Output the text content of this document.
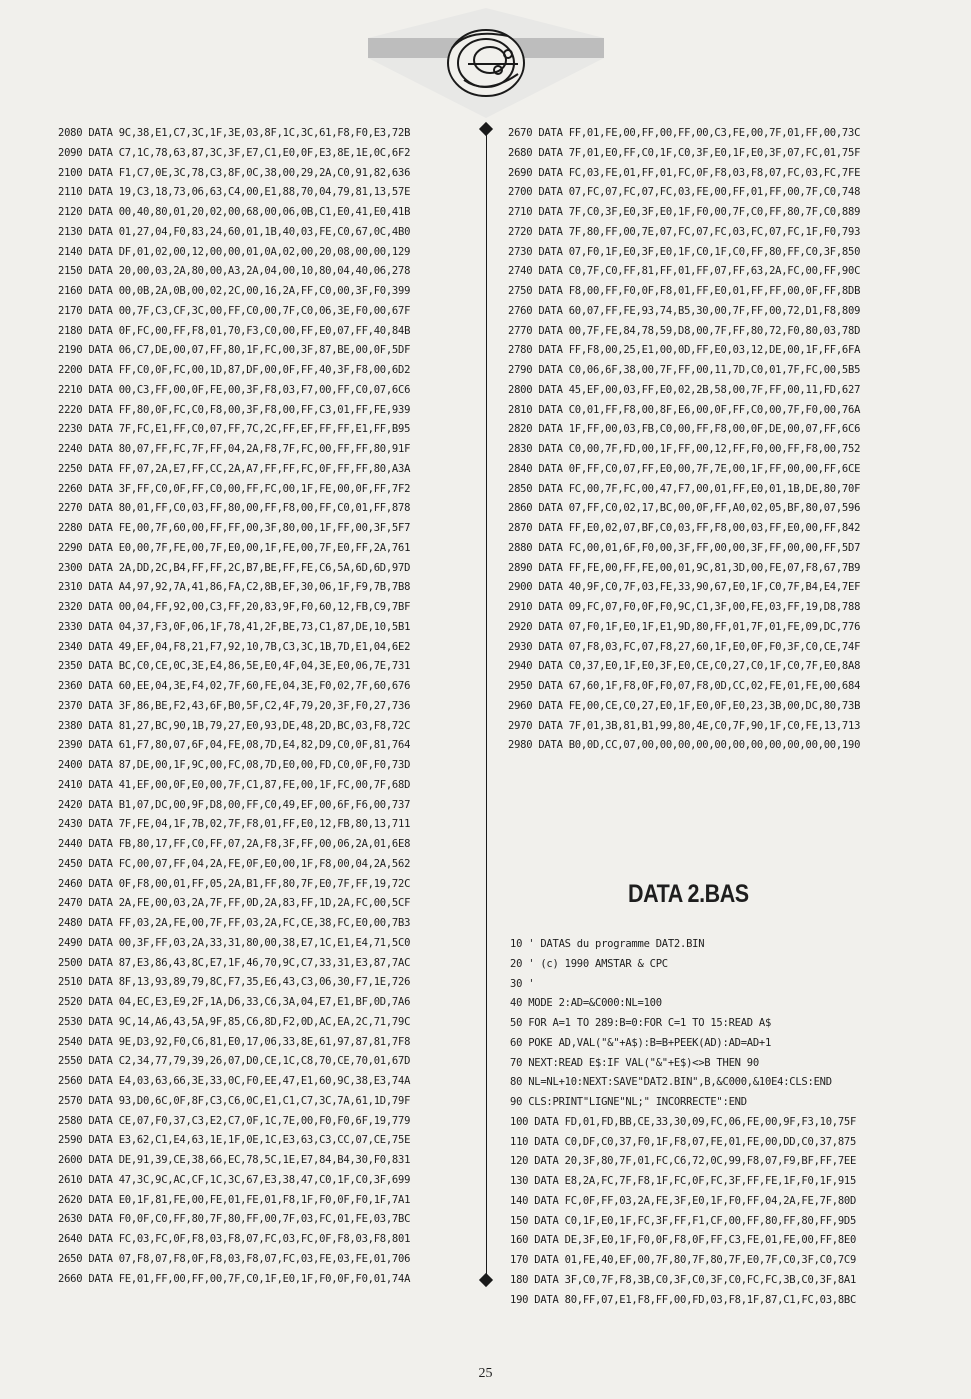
2080 DATA 9C,38,E1,C7,3C,1F,3E,03,8F,1C,3C,61,F8,F0,E3,72B
2090 DATA C7,1C,78,63,87,3C,3F,E7,C1,E0,0F,E3,8E,1E,0C,6F2
2100 DATA F1,C7,0E,3C,78,C3,8F,0C,38,00,29,2A,C0,91,82,636
2110 DATA 19,C3,18,73,06,63,C4,00,E1,88,70,04,79,81,13,57E
2120 DATA 00,40,80,01,20,02,00,68,00,06,0B,C1,E0,41,E0,41B
2130 DATA 01,27,04,F0,83,24,60,01,1B,40,03,FE,C0,67,0C,4B0
2140 DATA DF,01,02,00,12,00,00,01,0A,02,00,20,08,00,00,129
2150 DATA 20,00,03,2A,80,00,A3,2A,04,00,10,80,04,40,06,278
2160 DATA 00,0B,2A,0B,00,02,2C,00,16,2A,FF,C0,00,3F,F0,399
2170 DATA 00,7F,C3,CF,3C,00,FF,C0,00,7F,C0,06,3E,F0,00,67F
2180 DATA 0F,FC,00,FF,F8,01,70,F3,C0,00,FF,E0,07,FF,40,84B
2190 DATA 06,C7,DE,00,07,FF,80,1F,FC,00,3F,87,BE,00,0F,5DF
2200 DATA FF,C0,0F,FC,00,1D,87,DF,00,0F,FF,40,3F,F8,00,6D2
2210 DATA 00,C3,FF,00,0F,FE,00,3F,F8,03,F7,00,FF,C0,07,6C6
2220 DATA FF,80,0F,FC,C0,F8,00,3F,F8,00,FF,C3,01,FF,FE,939
2230 DATA 7F,FC,E1,FF,C0,07,FF,7C,2C,FF,EF,FF,FF,E1,FF,B95
2240 DATA 80,07,FF,FC,7F,FF,04,2A,F8,7F,FC,00,FF,FF,80,91F
2250 DATA FF,07,2A,E7,FF,CC,2A,A7,FF,FF,FC,0F,FF,FF,80,A3A
2260 DATA 3F,FF,C0,0F,FF,C0,00,FF,FC,00,1F,FE,00,0F,FF,7F2
2270 DATA 80,01,FF,C0,03,FF,80,00,FF,F8,00,FF,C0,01,FF,878
2280 DATA FE,00,7F,60,00,FF,FF,00,3F,80,00,1F,FF,00,3F,5F7
2290 DATA E0,00,7F,FE,00,7F,E0,00,1F,FE,00,7F,E0,FF,2A,761
2300 DATA 2A,DD,2C,B4,FF,FF,2C,B7,BE,FF,FE,C6,5A,6D,6D,97D
2310 DATA A4,97,92,7A,41,86,FA,C2,8B,EF,30,06,1F,F9,7B,7B8
2320 DATA 00,04,FF,92,00,C3,FF,20,83,9F,F0,60,12,FB,C9,7BF
2330 DATA 04,37,F3,0F,06,1F,78,41,2F,BE,73,C1,87,DE,10,5B1
2340 DATA 49,EF,04,F8,21,F7,92,10,7B,C3,3C,1B,7D,E1,04,6E2
2350 DATA BC,C0,CE,0C,3E,E4,86,5E,E0,4F,04,3E,E0,06,7E,731
2360 DATA 60,EE,04,3E,F4,02,7F,60,FE,04,3E,F0,02,7F,60,676
2370 DATA 3F,86,BE,F2,43,6F,B0,5F,C2,4F,79,20,3F,F0,27,736
2380 DATA 81,27,BC,90,1B,79,27,E0,93,DE,48,2D,BC,03,F8,72C
2390 DATA 61,F7,80,07,6F,04,FE,08,7D,E4,82,D9,C0,0F,81,764
2400 DATA 87,DE,00,1F,9C,00,FC,08,7D,E0,00,FD,C0,0F,F0,73D
2410 DATA 41,EF,00,0F,E0,00,7F,C1,87,FE,00,1F,FC,00,7F,68D
2420 DATA B1,07,DC,00,9F,D8,00,FF,C0,49,EF,00,6F,F6,00,737
2430 DATA 7F,FE,04,1F,7B,02,7F,F8,01,FF,E0,12,FB,80,13,711
2440 DATA FB,80,17,FF,C0,FF,07,2A,F8,3F,FF,00,06,2A,01,6E8
2450 DATA FC,00,07,FF,04,2A,FE,0F,E0,00,1F,F8,00,04,2A,562
2460 DATA 0F,F8,00,01,FF,05,2A,B1,FF,80,7F,E0,7F,FF,19,72C
2470 DATA 2A,FE,00,03,2A,7F,FF,0D,2A,83,FF,1D,2A,FC,00,5CF
2480 DATA FF,03,2A,FE,00,7F,FF,03,2A,FC,CE,38,FC,E0,00,7B3
2490 DATA 00,3F,FF,03,2A,33,31,80,00,38,E7,1C,E1,E4,71,5C0
2500 DATA 87,E3,86,43,8C,E7,1F,46,70,9C,C7,33,31,E3,87,7AC
2510 DATA 8F,13,93,89,79,8C,F7,35,E6,43,C3,06,30,F7,1E,726
2520 DATA 04,EC,E3,E9,2F,1A,D6,33,C6,3A,04,E7,E1,BF,0D,7A6
2530 DATA 9C,14,A6,43,5A,9F,85,C6,8D,F2,0D,AC,EA,2C,71,79C
2540 DATA 9E,D3,92,F0,C6,81,E0,17,06,33,8E,61,97,87,81,7F8
2550 DATA C2,34,77,79,39,26,07,D0,CE,1C,C8,70,CE,70,01,67D
2560 DATA E4,03,63,66,3E,33,0C,F0,EE,47,E1,60,9C,38,E3,74A
2570 DATA 93,D0,6C,0F,8F,C3,C6,0C,E1,C1,C7,3C,7A,61,1D,79F
2580 DATA CE,07,F0,37,C3,E2,C7,0F,1C,7E,00,F0,F0,6F,19,779
2590 DATA E3,62,C1,E4,63,1E,1F,0E,1C,E3,63,C3,CC,07,CE,75E
2600 DATA DE,91,39,CE,38,66,EC,78,5C,1E,E7,84,B4,30,F0,831
2610 DATA 47,3C,9C,AC,CF,1C,3C,67,E3,38,47,C0,1F,C0,3F,699
2620 DATA E0,1F,81,FE,00,FE,01,FE,01,F8,1F,F0,0F,F0,1F,7A1
2630 DATA F0,0F,C0,FF,80,7F,80,FF,00,7F,03,FC,01,FE,03,7BC
2640 DATA FC,03,FC,0F,F8,03,F8,07,FC,03,FC,0F,F8,03,F8,801
2650 DATA 07,F8,07,F8,0F,F8,03,F8,07,FC,03,FE,03,FE,01,706
2660 DATA FE,01,FF,00,FF,00,7F,C0,1F,E0,1F,F0,0F,F0,01,74A
2670 DATA FF,01,FE,00,FF,00,FF,00,C3,FE,00,7F,01,FF,00,73C
2680 DATA 7F,01,E0,FF,C0,1F,C0,3F,E0,1F,E0,3F,07,FC,01,75F
2690 DATA FC,03,FE,01,FF,01,FC,0F,F8,03,F8,07,FC,03,FC,7FE
2700 DATA 07,FC,07,FC,07,FC,03,FE,00,FF,01,FF,00,7F,C0,748
2710 DATA 7F,C0,3F,E0,3F,E0,1F,F0,00,7F,C0,FF,80,7F,C0,889
2720 DATA 7F,80,FF,00,7E,07,FC,07,FC,03,FC,07,FC,1F,F0,793
2730 DATA 07,F0,1F,E0,3F,E0,1F,C0,1F,C0,FF,80,FF,C0,3F,850
2740 DATA C0,7F,C0,FF,81,FF,01,FF,07,FF,63,2A,FC,00,FF,90C
2750 DATA F8,00,FF,F0,0F,F8,01,FF,E0,01,FF,FF,00,0F,FF,8DB
2760 DATA 60,07,FF,FE,93,74,B5,30,00,7F,FF,00,72,D1,F8,809
2770 DATA 00,7F,FE,84,78,59,D8,00,7F,FF,80,72,F0,80,03,78D
2780 DATA FF,F8,00,25,E1,00,0D,FF,E0,03,12,DE,00,1F,FF,6FA
2790 DATA C0,06,6F,38,00,7F,FF,00,11,7D,C0,01,7F,FC,00,5B5
2800 DATA 45,EF,00,03,FF,E0,02,2B,58,00,7F,FF,00,11,FD,627
2810 DATA C0,01,FF,F8,00,8F,E6,00,0F,FF,C0,00,7F,F0,00,76A
2820 DATA 1F,FF,00,03,FB,C0,00,FF,F8,00,0F,DE,00,07,FF,6C6
2830 DATA C0,00,7F,FD,00,1F,FF,00,12,FF,F0,00,FF,F8,00,752
2840 DATA 0F,FF,C0,07,FF,E0,00,7F,7E,00,1F,FF,00,00,FF,6CE
2850 DATA FC,00,7F,FC,00,47,F7,00,01,FF,E0,01,1B,DE,80,70F
2860 DATA 07,FF,C0,02,17,BC,00,0F,FF,A0,02,05,BF,80,07,596
2870 DATA FF,E0,02,07,BF,C0,03,FF,F8,00,03,FF,E0,00,FF,842
2880 DATA FC,00,01,6F,F0,00,3F,FF,00,00,3F,FF,00,00,FF,5D7
2890 DATA FF,FE,00,FF,FE,00,01,9C,81,3D,00,FE,07,F8,67,7B9
2900 DATA 40,9F,C0,7F,03,FE,33,90,67,E0,1F,C0,7F,B4,E4,7EF
2910 DATA 09,FC,07,F0,0F,F0,9C,C1,3F,00,FE,03,FF,19,D8,788
2920 DATA 07,F0,1F,E0,1F,E1,9D,80,FF,01,7F,01,FE,09,DC,776
2930 DATA 07,F8,03,FC,07,F8,27,60,1F,E0,0F,F0,3F,C0,CE,74F
2940 DATA C0,37,E0,1F,E0,3F,E0,CE,C0,27,C0,1F,C0,7F,E0,8A8
2950 DATA 67,60,1F,F8,0F,F0,07,F8,0D,CC,02,FE,01,FE,00,684
2960 DATA FE,00,CE,C0,27,E0,1F,E0,0F,E0,23,3B,00,DC,80,73B
2970 DATA 7F,01,3B,81,B1,99,80,4E,C0,7F,90,1F,C0,FE,13,713
2980 DATA B0,0D,CC,07,00,00,00,00,00,00,00,00,00,00,00,190
DATA 2.BAS
10 ' DATAS du programme DAT2.BIN
20 ' (c) 1990 AMSTAR & CPC
30 '
40 MODE 2:AD=&C000:NL=100
50 FOR A=1 TO 289:B=0:FOR C=1 TO 15:READ A$
60 POKE AD,VAL("&"+A$):B=B+PEEK(AD):AD=AD+1
70 NEXT:READ E$:IF VAL("&"+E$)<>B THEN 90
80 NL=NL+10:NEXT:SAVE"DAT2.BIN",B,&C000,&10E4:CLS:END
90 CLS:PRINT"LIGNE"NL;" INCORRECTE":END
100 DATA FD,01,FD,BB,CE,33,30,09,FC,06,FE,00,9F,F3,10,75F
110 DATA C0,DF,C0,37,F0,1F,F8,07,FE,01,FE,00,DD,C0,37,875
120 DATA 20,3F,80,7F,01,FC,C6,72,0C,99,F8,07,F9,BF,FF,7EE
130 DATA E8,2A,FC,7F,F8,1F,FC,0F,FC,3F,FF,FE,1F,F0,1F,915
140 DATA FC,0F,FF,03,2A,FE,3F,E0,1F,F0,FF,04,2A,FE,7F,80D
150 DATA C0,1F,E0,1F,FC,3F,FF,F1,CF,00,FF,80,FF,80,FF,9D5
160 DATA DE,3F,E0,1F,F0,0F,F8,0F,FF,C3,FE,01,FE,00,FF,8E0
170 DATA 01,FE,40,EF,00,7F,80,7F,80,7F,E0,7F,C0,3F,C0,7C9
180 DATA 3F,C0,7F,F8,3B,C0,3F,C0,3F,C0,FC,FC,3B,C0,3F,8A1
190 DATA 80,FF,07,E1,F8,FF,00,FD,03,F8,1F,87,C1,FC,03,8BC
25
